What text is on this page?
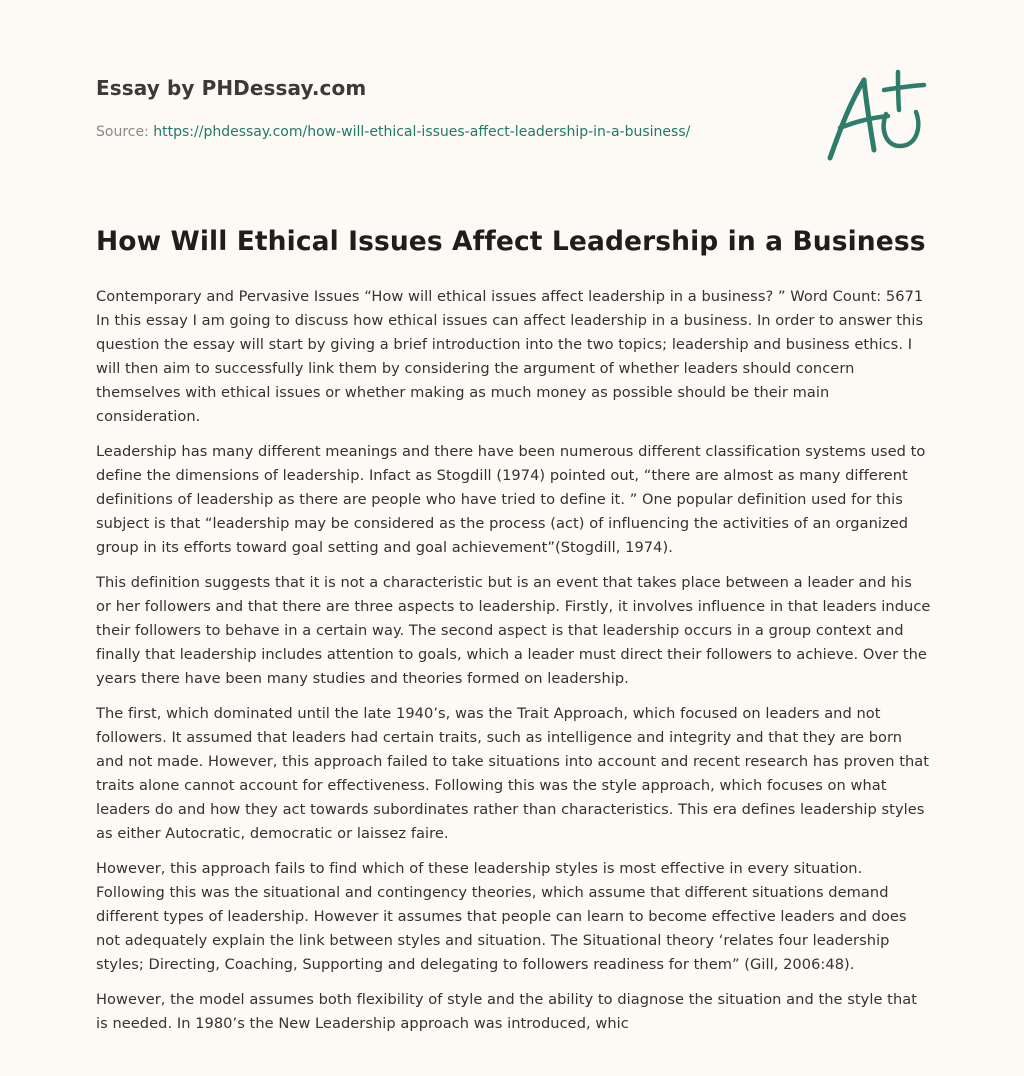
Essay by PHDessay.com
Source: https://phdessay.com/how-will-ethical-issues-affect-leadership-in-a-business/
How Will Ethical Issues Affect Leadership in a Business

Contemporary and Pervasive Issues “How will ethical issues affect leadership in a business? ” Word Count: 5671 In this essay I am going to discuss how ethical issues can affect leadership in a business. In order to answer this question the essay will start by giving a brief introduction into the two topics; leadership and business ethics. I will then aim to successfully link them by considering the argument of whether leaders should concern themselves with ethical issues or whether making as much money as possible should be their main consideration.

Leadership has many different meanings and there have been numerous different classification systems used to define the dimensions of leadership. Infact as Stogdill (1974) pointed out, “there are almost as many different definitions of leadership as there are people who have tried to define it. ” One popular definition used for this subject is that “leadership may be considered as the process (act) of influencing the activities of an organized group in its efforts toward goal setting and goal achievement”(Stogdill, 1974).

This definition suggests that it is not a characteristic but is an event that takes place between a leader and his or her followers and that there are three aspects to leadership. Firstly, it involves influence in that leaders induce their followers to behave in a certain way. The second aspect is that leadership occurs in a group context and finally that leadership includes attention to goals, which a leader must direct their followers to achieve. Over the years there have been many studies and theories formed on leadership.

The first, which dominated until the late 1940’s, was the Trait Approach, which focused on leaders and not followers. It assumed that leaders had certain traits, such as intelligence and integrity and that they are born and not made. However, this approach failed to take situations into account and recent research has proven that traits alone cannot account for effectiveness. Following this was the style approach, which focuses on what leaders do and how they act towards subordinates rather than characteristics. This era defines leadership styles as either Autocratic, democratic or laissez faire.

However, this approach fails to find which of these leadership styles is most effective in every situation. Following this was the situational and contingency theories, which assume that different situations demand different types of leadership. However it assumes that people can learn to become effective leaders and does not adequately explain the link between styles and situation. The Situational theory ‘relates four leadership styles; Directing, Coaching, Supporting and delegating to followers readiness for them” (Gill, 2006:48).

However, the model assumes both flexibility of style and the ability to diagnose the situation and the style that is needed. In 1980’s the New Leadership approach was introduced, whic
